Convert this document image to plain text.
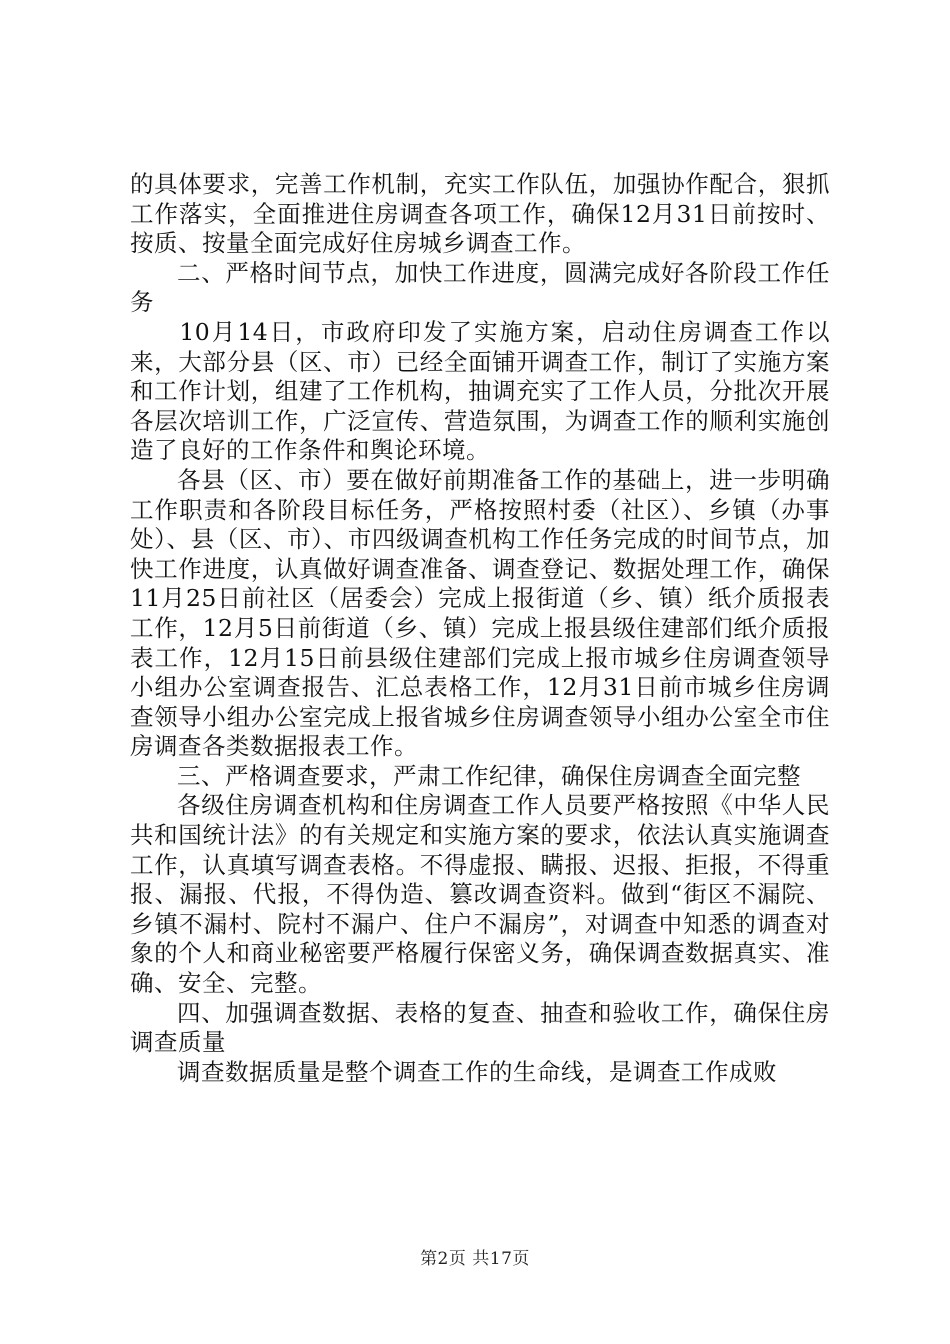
的具体要求，完善工作机制，充实工作队伍，加强协作配合，狠抓工作落实，全面推进住房调查各项工作，确保12月31日前按时、按质、按量全面完成好住房城乡调查工作。

二、严格时间节点，加快工作进度，圆满完成好各阶段工作任务

10月14日，市政府印发了实施方案，启动住房调查工作以来，大部分县（区、市）已经全面铺开调查工作，制订了实施方案和工作计划，组建了工作机构，抽调充实了工作人员，分批次开展各层次培训工作，广泛宣传、营造氛围，为调查工作的顺利实施创造了良好的工作条件和舆论环境。

各县（区、市）要在做好前期准备工作的基础上，进一步明确工作职责和各阶段目标任务，严格按照村委（社区）、乡镇（办事处）、县（区、市）、市四级调查机构工作任务完成的时间节点，加快工作进度，认真做好调查准备、调查登记、数据处理工作，确保11月25日前社区（居委会）完成上报街道（乡、镇）纸介质报表工作，12月5日前街道（乡、镇）完成上报县级住建部们纸介质报表工作，12月15日前县级住建部们完成上报市城乡住房调查领导小组办公室调查报告、汇总表格工作，12月31日前市城乡住房调查领导小组办公室完成上报省城乡住房调查领导小组办公室全市住房调查各类数据报表工作。

三、严格调查要求，严肃工作纪律，确保住房调查全面完整

各级住房调查机构和住房调查工作人员要严格按照《中华人民共和国统计法》的有关规定和实施方案的要求，依法认真实施调查工作，认真填写调查表格。不得虚报、瞒报、迟报、拒报，不得重报、漏报、代报，不得伪造、篡改调查资料。做到“街区不漏院、乡镇不漏村、院村不漏户、住户不漏房”，对调查中知悉的调查对象的个人和商业秘密要严格履行保密义务，确保调查数据真实、准确、安全、完整。

四、加强调查数据、表格的复查、抽查和验收工作，确保住房调查质量

调查数据质量是整个调查工作的生命线，是调查工作成败

第2页 共17页
